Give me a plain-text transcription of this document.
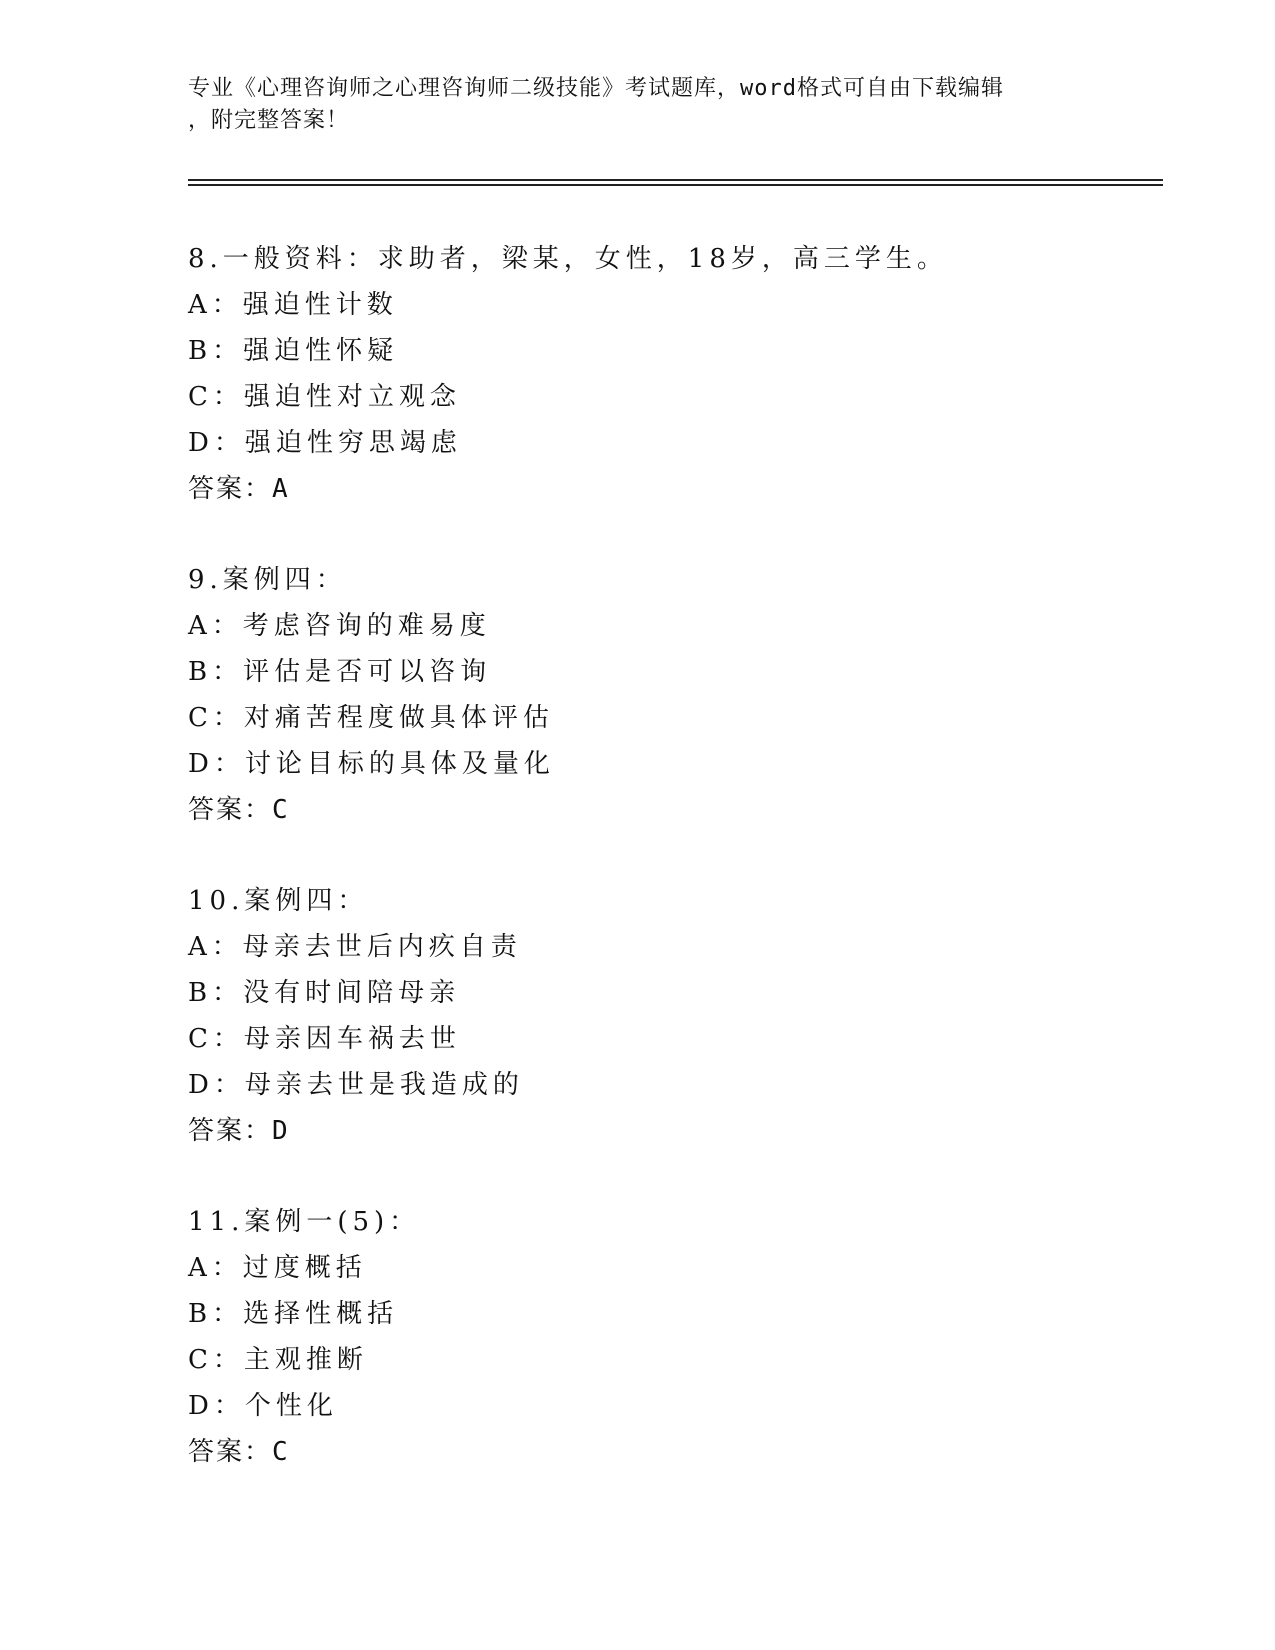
专业《心理咨询师之心理咨询师二级技能》考试题库，word格式可自由下载编辑
，附完整答案！
8.一般资料：求助者，梁某，女性，18岁，高三学生。
A：强迫性计数
B：强迫性怀疑
C：强迫性对立观念
D：强迫性穷思竭虑
答案：A
9.案例四：
A：考虑咨询的难易度
B：评估是否可以咨询
C：对痛苦程度做具体评估
D：讨论目标的具体及量化
答案：C
10.案例四：
A：母亲去世后内疚自责
B：没有时间陪母亲
C：母亲因车祸去世
D：母亲去世是我造成的
答案：D
11.案例一(5)：
A：过度概括
B：选择性概括
C：主观推断
D：个性化
答案：C
